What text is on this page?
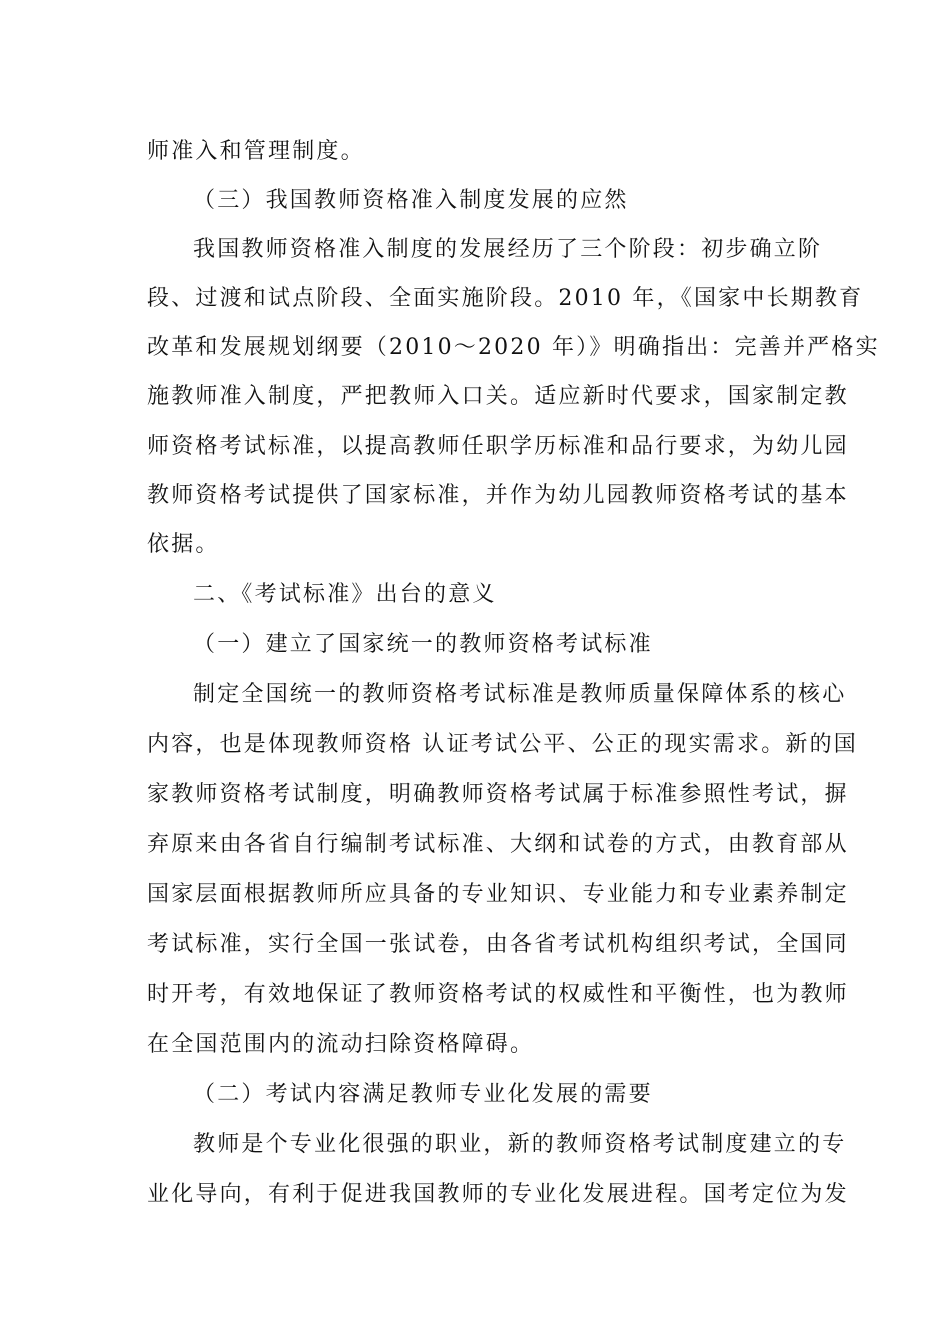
师准入和管理制度。
（三）我国教师资格准入制度发展的应然
我国教师资格准入制度的发展经历了三个阶段：初步确立阶
段、过渡和试点阶段、全面实施阶段。2010 年，《国家中长期教育
改革和发展规划纲要（2010～2020 年）》明确指出：完善并严格实
施教师准入制度，严把教师入口关。适应新时代要求，国家制定教
师资格考试标准，以提高教师任职学历标准和品行要求，为幼儿园
教师资格考试提供了国家标准，并作为幼儿园教师资格考试的基本
依据。
二、《考试标准》出台的意义
（一）建立了国家统一的教师资格考试标准
制定全国统一的教师资格考试标准是教师质量保障体系的核心
内容，也是体现教师资格 认证考试公平、公正的现实需求。新的国
家教师资格考试制度，明确教师资格考试属于标准参照性考试，摒
弃原来由各省自行编制考试标准、大纲和试卷的方式，由教育部从
国家层面根据教师所应具备的专业知识、专业能力和专业素养制定
考试标准，实行全国一张试卷，由各省考试机构组织考试，全国同
时开考，有效地保证了教师资格考试的权威性和平衡性，也为教师
在全国范围内的流动扫除资格障碍。
（二）考试内容满足教师专业化发展的需要
教师是个专业化很强的职业，新的教师资格考试制度建立的专
业化导向，有利于促进我国教师的专业化发展进程。国考定位为发
